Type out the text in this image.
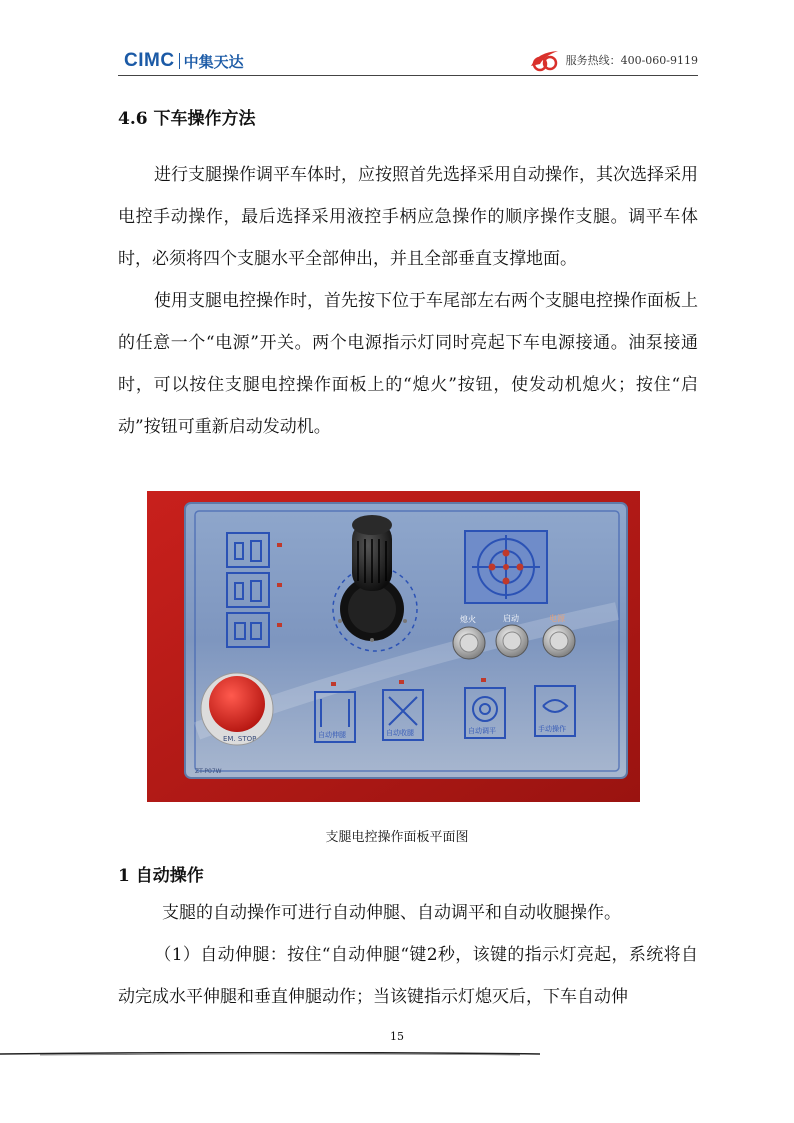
CIMC 中集天达	服务热线：400-060-9119
4.6 下车操作方法
进行支腿操作调平车体时，应按照首先选择采用自动操作，其次选择采用电控手动操作，最后选择采用液控手柄应急操作的顺序操作支腿。调平车体时，必须将四个支腿水平全部伸出，并且全部垂直支撑地面。
使用支腿电控操作时，首先按下位于车尾部左右两个支腿电控操作面板上的任意一个“电源”开关。两个电源指示灯同时亮起下车电源接通。油泵接通时，可以按住支腿电控操作面板上的“熄火”按钮，使发动机熄火；按住“启动”按钮可重新启动发动机。
熄火	启动	电源
EM. STOP
ZT-P07W
自动伸腿	自动收腿	自动调平	手动操作
支腿电控操作面板平面图
1 自动操作
支腿的自动操作可进行自动伸腿、自动调平和自动收腿操作。
（1）自动伸腿：按住“自动伸腿“键2秒，该键的指示灯亮起，系统将自动完成水平伸腿和垂直伸腿动作；当该键指示灯熄灭后，下车自动伸
15
